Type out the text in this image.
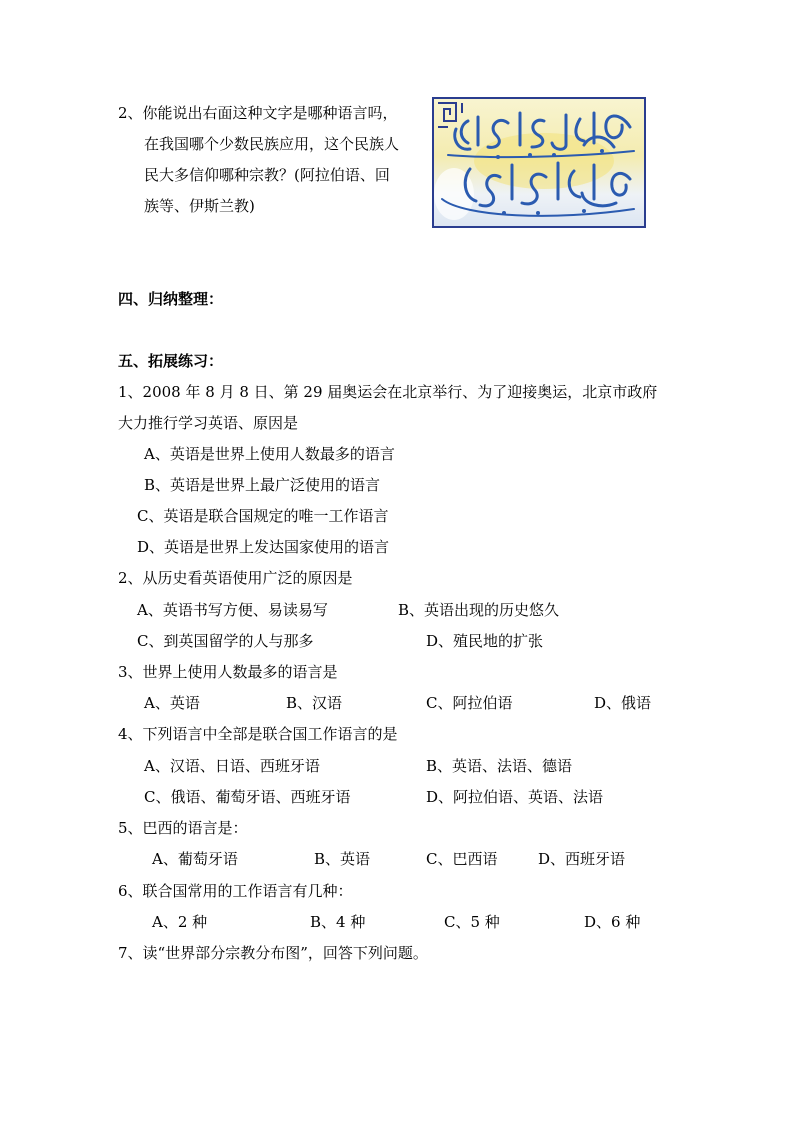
2、你能说出右面这种文字是哪种语言吗，
在我国哪个少数民族应用，这个民族人
民大多信仰哪种宗教？(阿拉伯语、回
族等、伊斯兰教)
四、归纳整理：
五、拓展练习：
1、2008 年 8 月 8 日、第 29 届奥运会在北京举行、为了迎接奥运，北京市政府
大力推行学习英语、原因是
A、英语是世界上使用人数最多的语言
B、英语是世界上最广泛使用的语言
C、英语是联合国规定的唯一工作语言
D、英语是世界上发达国家使用的语言
2、从历史看英语使用广泛的原因是
A、英语书写方便、易读易写	B、英语出现的历史悠久
C、到英国留学的人与那多	D、殖民地的扩张
3、世界上使用人数最多的语言是
A、英语	B、汉语	C、阿拉伯语	D、俄语
4、下列语言中全部是联合国工作语言的是
A、汉语、日语、西班牙语	B、英语、法语、德语
C、俄语、葡萄牙语、西班牙语	D、阿拉伯语、英语、法语
5、巴西的语言是：
A、葡萄牙语	B、英语	C、巴西语	D、西班牙语
6、联合国常用的工作语言有几种：
A、2 种	B、4 种	C、5 种	D、6 种
7、读“世界部分宗教分布图”，回答下列问题。
